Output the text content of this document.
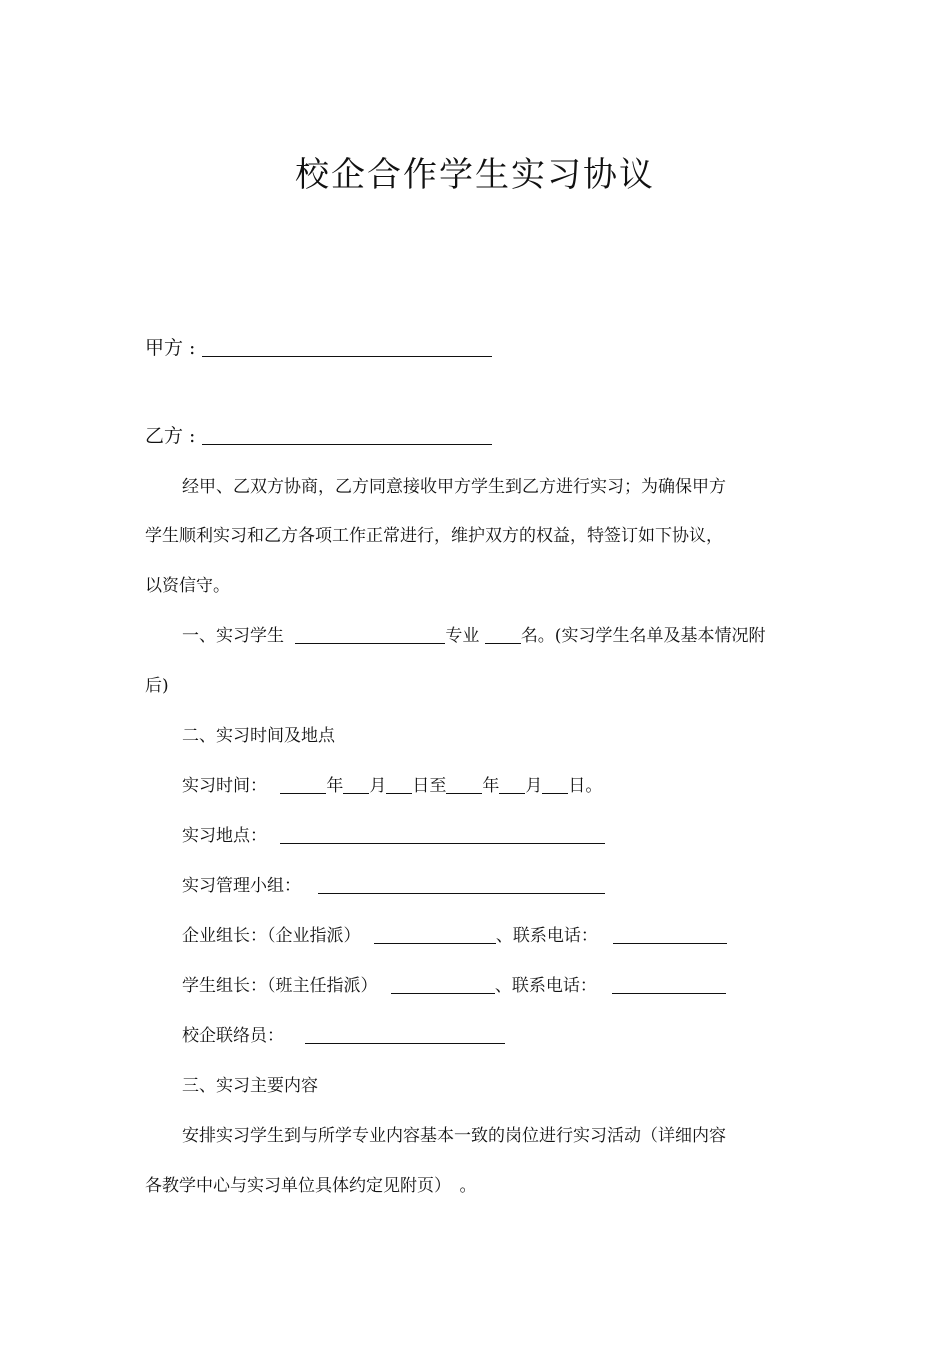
校企合作学生实习协议
甲方 :
乙方 :
经甲、乙双方协商，乙方同意接收甲方学生到乙方进行实习；为确保甲方
学生顺利实习和乙方各项工作正常进行，维护双方的权益，特签订如下协议，
以资信守。
一、实习学生	专业 名。(实习学生名单及基本情况附
后)
二、实习时间及地点
实习时间：	年 月 日至 年 月 日。
实习地点：
实习管理小组：
企业组长：（企业指派）	、联系电话：
学生组长：（班主任指派）	、联系电话：
校企联络员：
三、实习主要内容
安排实习学生到与所学专业内容基本一致的岗位进行实习活动（详细内容
各教学中心与实习单位具体约定见附页）　。
